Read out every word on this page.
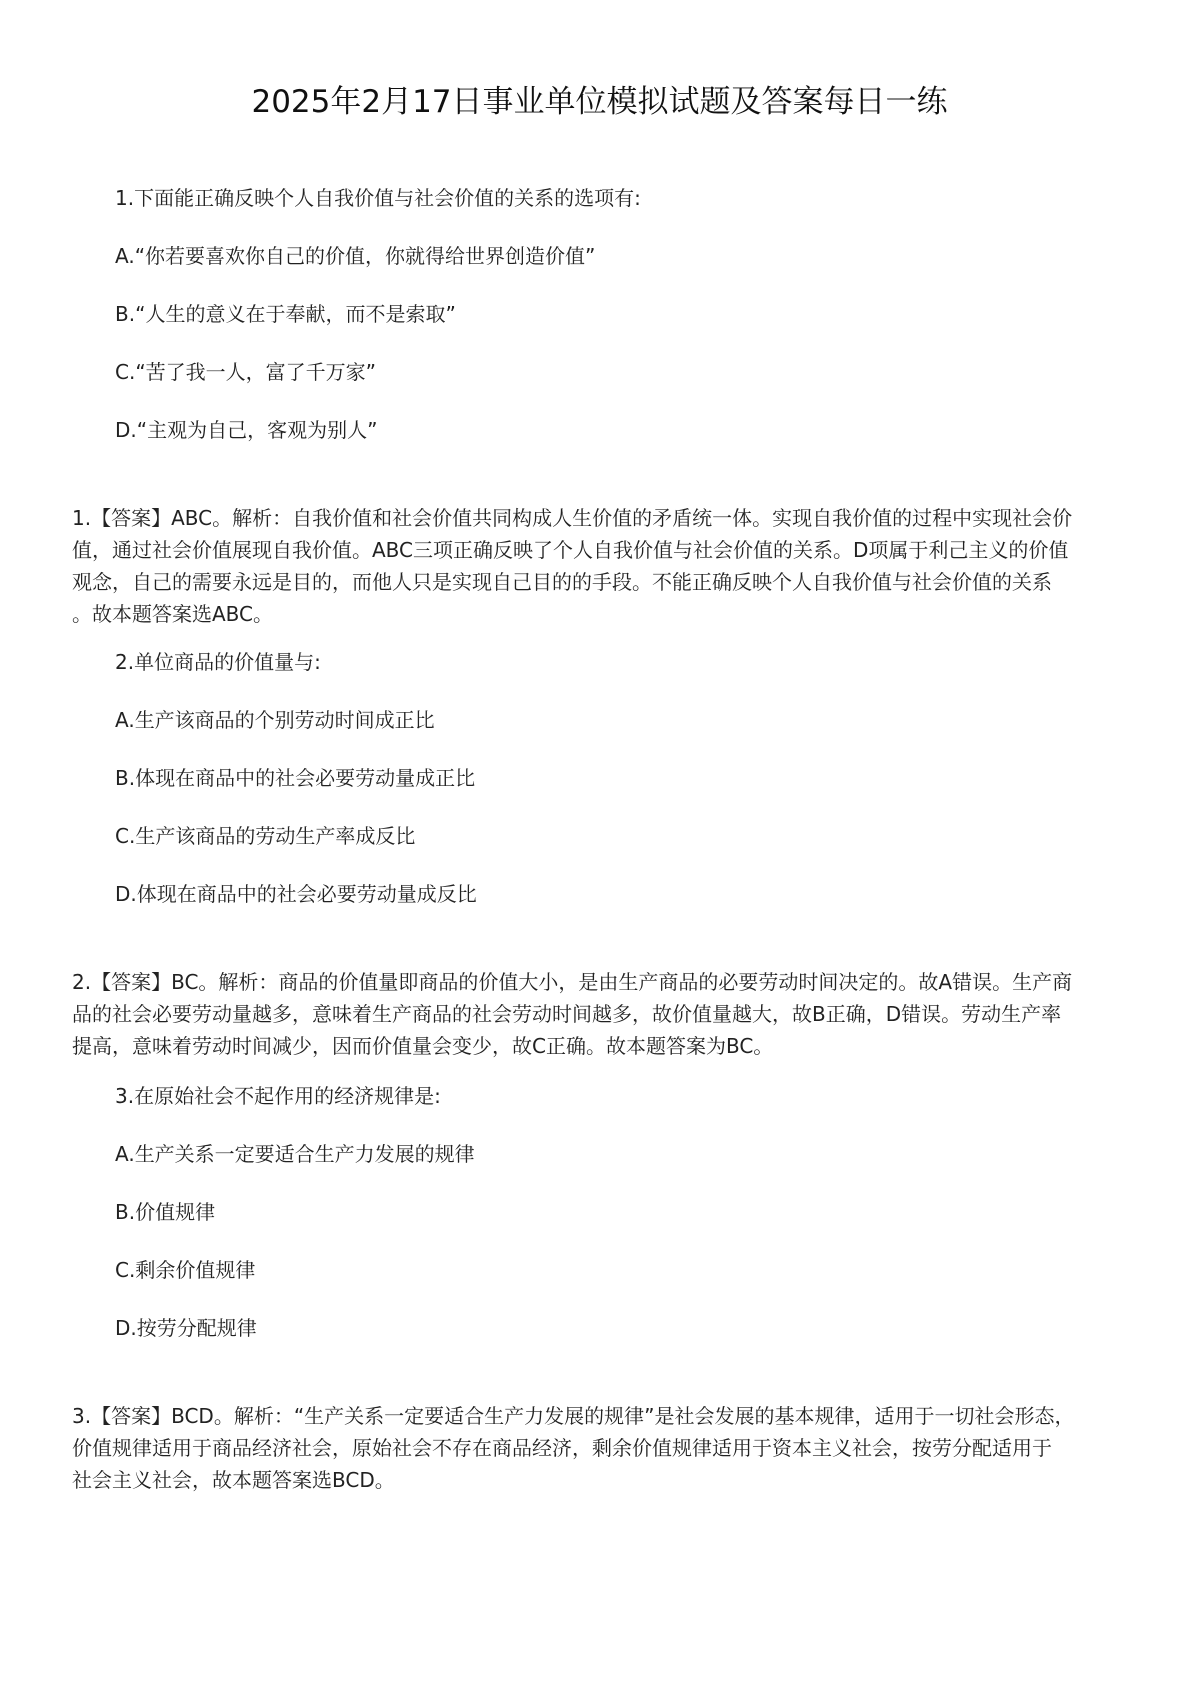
2025年2月17日事业单位模拟试题及答案每日一练
1.下面能正确反映个人自我价值与社会价值的关系的选项有:
A.“你若要喜欢你自己的价值，你就得给世界创造价值”
B.“人生的意义在于奉献，而不是索取”
C.“苦了我一人，富了千万家”
D.“主观为自己，客观为别人”

1.【答案】ABC。解析：自我价值和社会价值共同构成人生价值的矛盾统一体。实现自我价值的过程中实现社会价

值，通过社会价值展现自我价值。ABC三项正确反映了个人自我价值与社会价值的关系。D项属于利己主义的价值

观念，自己的需要永远是目的，而他人只是实现自己目的的手段。不能正确反映个人自我价值与社会价值的关系

。故本题答案选ABC。

2.单位商品的价值量与:
A.生产该商品的个别劳动时间成正比
B.体现在商品中的社会必要劳动量成正比
C.生产该商品的劳动生产率成反比
D.体现在商品中的社会必要劳动量成反比

2.【答案】BC。解析：商品的价值量即商品的价值大小，是由生产商品的必要劳动时间决定的。故A错误。生产商

品的社会必要劳动量越多，意味着生产商品的社会劳动时间越多，故价值量越大，故B正确，D错误。劳动生产率

提高，意味着劳动时间减少，因而价值量会变少，故C正确。故本题答案为BC。

3.在原始社会不起作用的经济规律是:
A.生产关系一定要适合生产力发展的规律
B.价值规律
C.剩余价值规律
D.按劳分配规律

3.【答案】BCD。解析：“生产关系一定要适合生产力发展的规律”是社会发展的基本规律，适用于一切社会形态，

价值规律适用于商品经济社会，原始社会不存在商品经济，剩余价值规律适用于资本主义社会，按劳分配适用于

社会主义社会，故本题答案选BCD。
